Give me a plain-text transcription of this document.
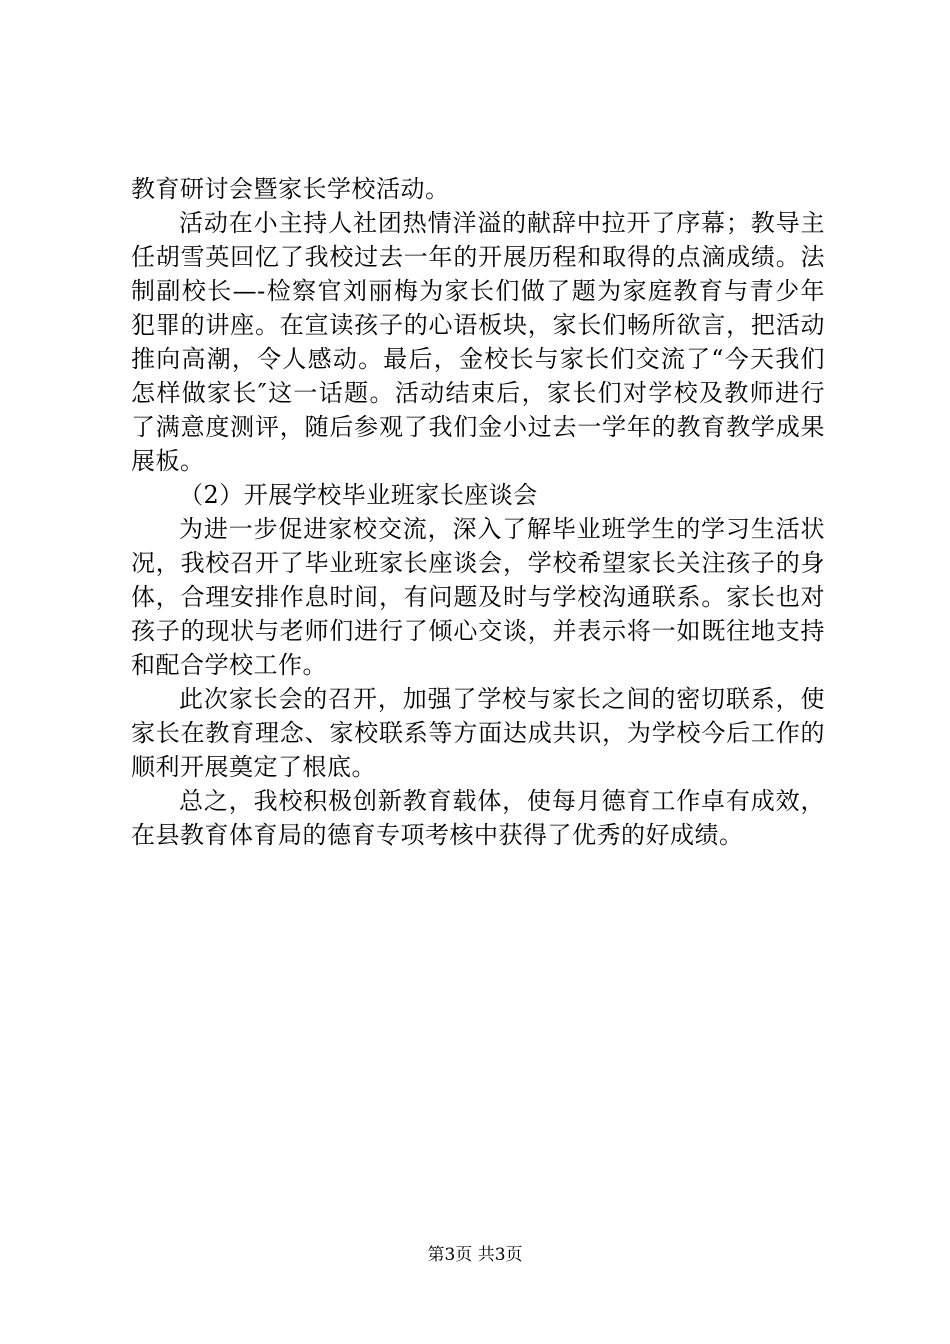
教育研讨会暨家长学校活动。

活动在小主持人社团热情洋溢的献辞中拉开了序幕；教导主任胡雪英回忆了我校过去一年的开展历程和取得的点滴成绩。法制副校长—-检察官刘丽梅为家长们做了题为家庭教育与青少年犯罪的讲座。在宣读孩子的心语板块，家长们畅所欲言，把活动推向高潮，令人感动。最后，金校长与家长们交流了“今天我们怎样做家长″这一话题。活动结束后，家长们对学校及教师进行了满意度测评，随后参观了我们金小过去一学年的教育教学成果展板。

（2）开展学校毕业班家长座谈会

为进一步促进家校交流，深入了解毕业班学生的学习生活状况，我校召开了毕业班家长座谈会，学校希望家长关注孩子的身体，合理安排作息时间，有问题及时与学校沟通联系。家长也对孩子的现状与老师们进行了倾心交谈，并表示将一如既往地支持和配合学校工作。

此次家长会的召开，加强了学校与家长之间的密切联系，使家长在教育理念、家校联系等方面达成共识，为学校今后工作的顺利开展奠定了根底。

总之，我校积极创新教育载体，使每月德育工作卓有成效，在县教育体育局的德育专项考核中获得了优秀的好成绩。

第3页 共3页
